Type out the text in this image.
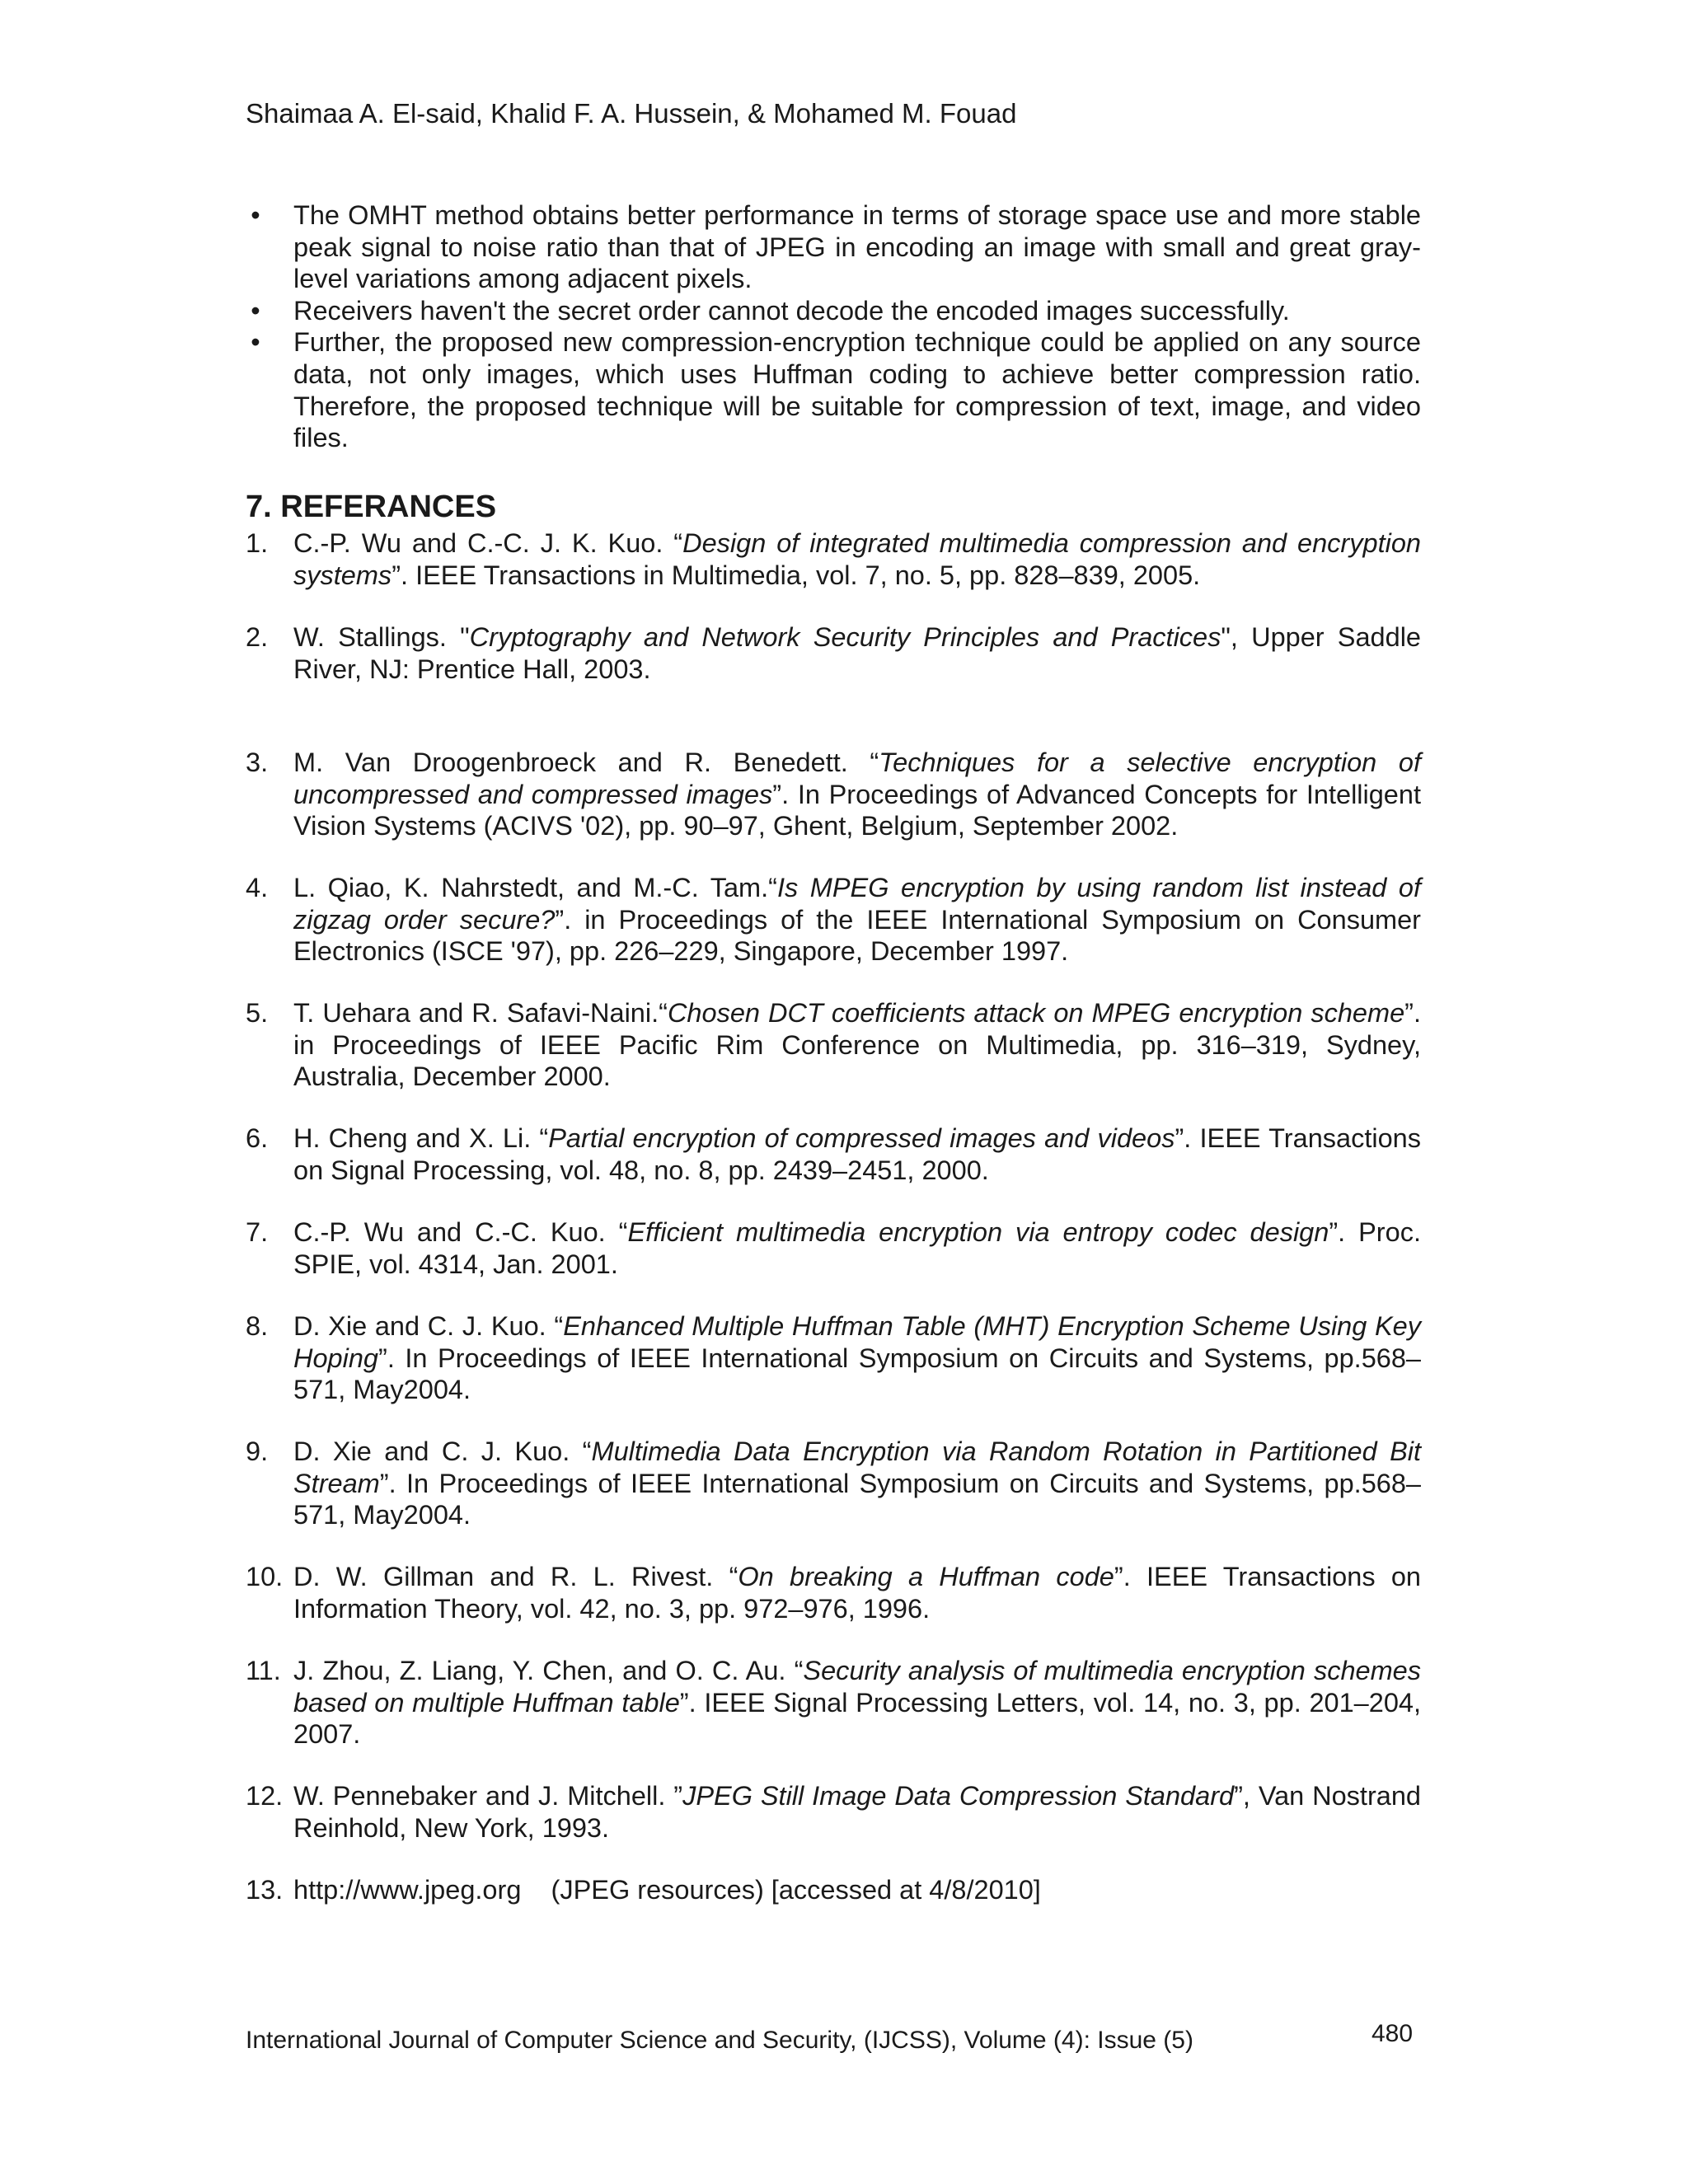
Shaimaa A. El-said, Khalid F. A. Hussein, & Mohamed M. Fouad
• The OMHT method obtains better performance in terms of storage space use and more stable peak signal to noise ratio than that of JPEG in encoding an image with small and great gray-level variations among adjacent pixels.
• Receivers haven't the secret order cannot decode the encoded images successfully.
• Further, the proposed new compression-encryption technique could be applied on any source data, not only images, which uses Huffman coding to achieve better compression ratio. Therefore, the proposed technique will be suitable for compression of text, image, and video files.
7. REFERANCES
1. C.-P. Wu and C.-C. J. K. Kuo. “Design of integrated multimedia compression and encryption systems”. IEEE Transactions in Multimedia, vol. 7, no. 5, pp. 828–839, 2005.
2. W. Stallings. "Cryptography and Network Security Principles and Practices", Upper Saddle River, NJ: Prentice Hall, 2003.
3. M. Van Droogenbroeck and R. Benedett. “Techniques for a selective encryption of uncompressed and compressed images”. In Proceedings of Advanced Concepts for Intelligent Vision Systems (ACIVS '02), pp. 90–97, Ghent, Belgium, September 2002.
4. L. Qiao, K. Nahrstedt, and M.-C. Tam.“Is MPEG encryption by using random list instead of zigzag order secure?”. in Proceedings of the IEEE International Symposium on Consumer Electronics (ISCE '97), pp. 226–229, Singapore, December 1997.
5. T. Uehara and R. Safavi-Naini.“Chosen DCT coefficients attack on MPEG encryption scheme”. in Proceedings of IEEE Pacific Rim Conference on Multimedia, pp. 316–319, Sydney, Australia, December 2000.
6. H. Cheng and X. Li. “Partial encryption of compressed images and videos”. IEEE Transactions on Signal Processing, vol. 48, no. 8, pp. 2439–2451, 2000.
7. C.-P. Wu and C.-C. Kuo. “Efficient multimedia encryption via entropy codec design”. Proc. SPIE, vol. 4314, Jan. 2001.
8. D. Xie and C. J. Kuo. “Enhanced Multiple Huffman Table (MHT) Encryption Scheme Using Key Hoping”. In Proceedings of IEEE International Symposium on Circuits and Systems, pp.568–571, May2004.
9. D. Xie and C. J. Kuo. “Multimedia Data Encryption via Random Rotation in Partitioned Bit Stream”. In Proceedings of IEEE International Symposium on Circuits and Systems, pp.568–571, May2004.
10. D. W. Gillman and R. L. Rivest. “On breaking a Huffman code”. IEEE Transactions on Information Theory, vol. 42, no. 3, pp. 972–976, 1996.
11. J. Zhou, Z. Liang, Y. Chen, and O. C. Au. “Security analysis of multimedia encryption schemes based on multiple Huffman table”. IEEE Signal Processing Letters, vol. 14, no. 3, pp. 201–204, 2007.
12. W. Pennebaker and J. Mitchell. ”JPEG Still Image Data Compression Standard”, Van Nostrand Reinhold, New York, 1993.
13. http://www.jpeg.org    (JPEG resources) [accessed at 4/8/2010]
International Journal of Computer Science and Security, (IJCSS), Volume (4): Issue (5)	480
